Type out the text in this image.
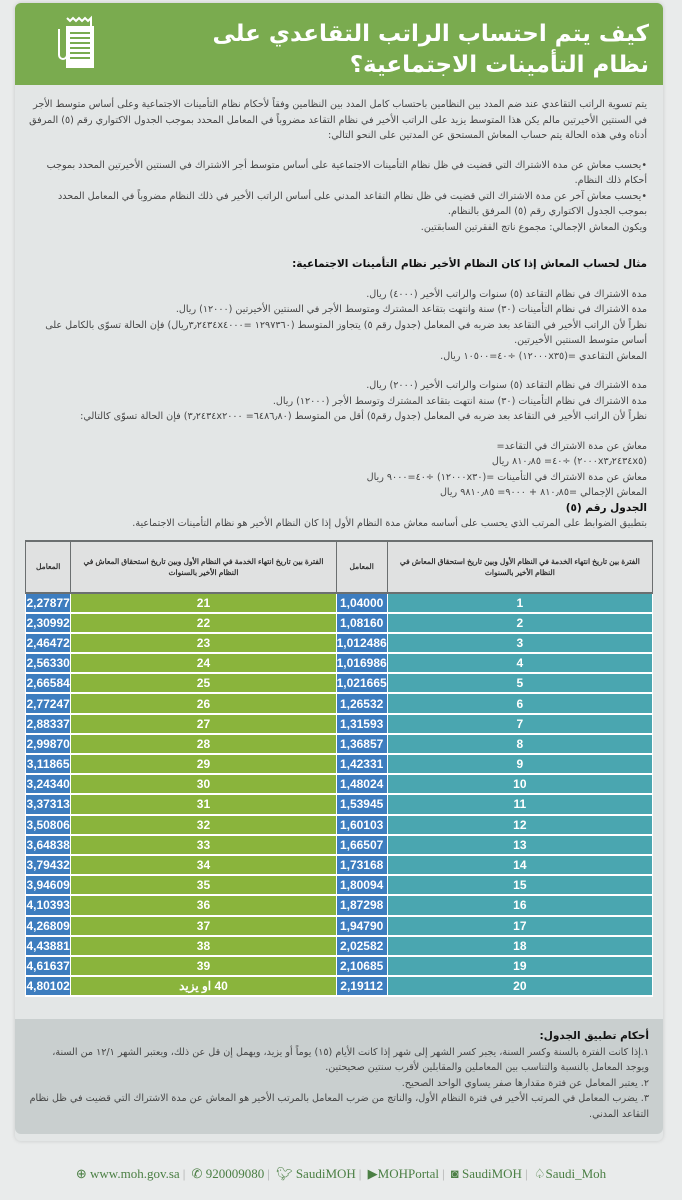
كيف يتم احتساب الراتب التقاعدي على نظام التأمينات الاجتماعية؟

يتم تسوية الراتب التقاعدي عند ضم المدد بين النظامين باحتساب كامل المدد بين النظامين وفقاً لأحكام نظام التأمينات الاجتماعية وعلى أساس متوسط الأجر في السنتين الأخيرتين مالم يكن هذا المتوسط يزيد على الراتب الأخير في نظام التقاعد مضروباً في المعامل المحدد بموجب الجدول الاكتواري رقم (٥) المرفق أدناه وفي هذه الحالة يتم حساب المعاش المستحق عن المدتين على النحو التالي:

•يحسب معاش عن مدة الاشتراك التي قضيت في ظل نظام التأمينات الاجتماعية على أساس متوسط أجر الاشتراك في السنتين الأخيرتين المحدد بموجب أحكام ذلك النظام.

•يحسب معاش آخر عن مدة الاشتراك التي قضيت في ظل نظام التقاعد المدني على أساس الراتب الأخير في ذلك النظام مضروباً في المعامل المحدد بموجب الجدول الاكتواري رقم (٥) المرفق بالنظام.

ويكون المعاش الإجمالي: مجموع ناتج الفقرتين السابقتين.

مثال لحساب المعاش إذا كان النظام الأخير نظام التأمينات الاجتماعية:

مدة الاشتراك في نظام التقاعد (٥) سنوات والراتب الأخير (٤٠٠٠) ريال.

مدة الاشتراك في نظام التأمينات (٣٠) سنة وانتهت بتقاعد المشترك ومتوسط الأجر في السنتين الأخيرتين (١٢٠٠٠) ريال.

نظراً لأن الراتب الأخير في التقاعد بعد ضربه في المعامل (جدول رقم ٥) يتجاوز المتوسط (١٢٩٧٣٦٠ =٣٫٢٤٣٤x٤٠٠٠ريال) فإن الحالة تسوّى بالكامل على أساس متوسط السنتين الأخيرتين.

المعاش التقاعدي =(١٢٠٠٠x٣٥) ÷٤٠=١٠٥٠٠ ريال.

مدة الاشتراك في نظام التقاعد (٥) سنوات والراتب الأخير (٢٠٠٠) ريال.

مدة الاشتراك في نظام التأمينات (٣٠) سنة انتهت بتقاعد المشترك وتوسط الأجر (١٢٠٠٠) ريال.

نظراً لأن الراتب الأخير في التقاعد بعد ضربه في المعامل (جدول رقم٥) أقل من المتوسط (٦٤٨٦٫٨٠= ٣٫٢٤٣٤x٢٠٠٠) فإن الحالة تسوّى كالتالي:

معاش عن مدة الاشتراك في التقاعد=

(٢٠٠٠x٣٫٢٤٣٤x٥) ÷٤٠= ٨١٠٫٨٥ ريال

معاش عن مدة الاشتراك في التأمينات =(١٢٠٠٠x٣٠) ÷٤٠=٩٠٠٠ ريال

المعاش الإجمالي =٨١٠٫٨٥ + ٩٠٠٠= ٩٨١٠٫٨٥ ريال

الجدول رقم (٥)

بتطبيق الضوابط على المرتب الذي يحسب على أساسه معاش مدة النظام الأول إذا كان النظام الأخير هو نظام التأمينات الاجتماعية.

الفترة بين تاريخ انتهاء الخدمة في النظام الأول وبين تاريخ استحقاق المعاش في النظام الأخير بالسنوات	المعامل	الفترة بين تاريخ انتهاء الخدمة في النظام الأول وبين تاريخ استحقاق المعاش في النظام الأخير بالسنوات	المعامل
1	1,04000	21	2,27877
2	1,08160	22	2,30992
3	1,012486	23	2,46472
4	1,016986	24	2,56330
5	1,021665	25	2,66584
6	1,26532	26	2,77247
7	1,31593	27	2,88337
8	1,36857	28	2,99870
9	1,42331	29	3,11865
10	1,48024	30	3,24340
11	1,53945	31	3,37313
12	1,60103	32	3,50806
13	1,66507	33	3,64838
14	1,73168	34	3,79432
15	1,80094	35	3,94609
16	1,87298	36	4,10393
17	1,94790	37	4,26809
18	2,02582	38	4,43881
19	2,10685	39	4,61637
20	2,19112	40 او يزيد	4,80102

أحكام تطبيق الجدول:

١.إذا كانت الفترة بالسنة وكسر السنة، يجبر كسر الشهر إلى شهر إذا كانت الأيام (١٥) يوماً أو يزيد، ويهمل إن قل عن ذلك، ويعتبر الشهر ١٢/١ من السنة، ويوجد المعامل بالنسبة والتناسب بين المعاملين والمقابلين لأقرب سنتين صحيحتين.

٢. يعتبر المعامل عن فترة مقدارها صفر يساوي الواحد الصحيح.

٣. يضرب المعامل في المرتب الأخير في فترة النظام الأول، والناتج من ضرب المعامل بالمرتب الأخير هو المعاش عن مدة الاشتراك التي قضيت في ظل نظام التقاعد المدني.

⊕ www.moh.gov.sa | ✆ 920009080 | 🐦︎ SaudiMOH | ▶MOHPortal | ◙ SaudiMOH | ♤Saudi_Moh
